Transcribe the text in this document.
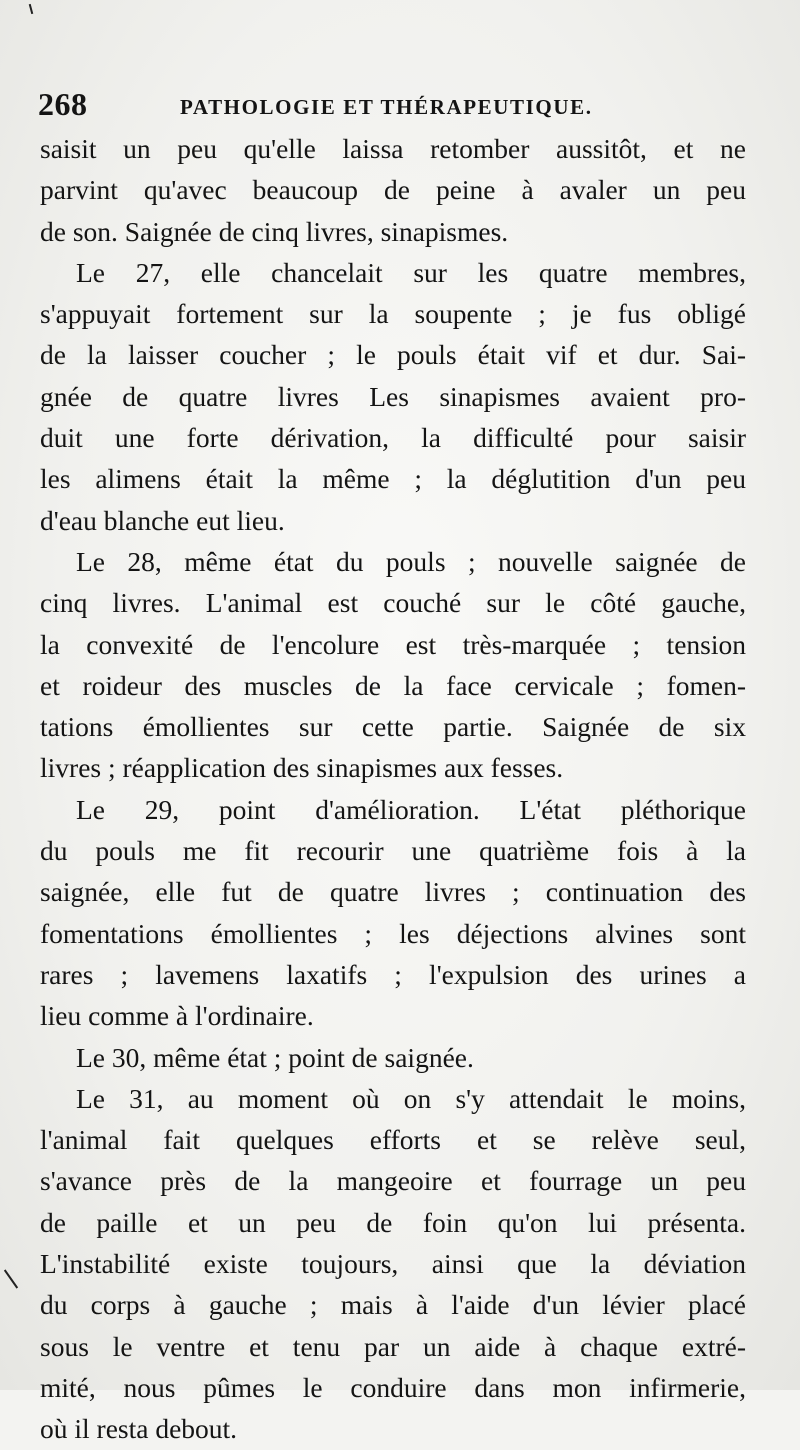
268	PATHOLOGIE ET THÉRAPEUTIQUE.
saisit un peu qu'elle laissa retomber aussitôt, et ne
parvint qu'avec beaucoup de peine à avaler un peu
de son. Saignée de cinq livres, sinapismes.
Le 27, elle chancelait sur les quatre membres,
s'appuyait fortement sur la soupente ; je fus obligé
de la laisser coucher ; le pouls était vif et dur. Sai-
gnée de quatre livres Les sinapismes avaient pro-
duit une forte dérivation, la difficulté pour saisir
les alimens était la même ; la déglutition d'un peu
d'eau blanche eut lieu.
Le 28, même état du pouls ; nouvelle saignée de
cinq livres. L'animal est couché sur le côté gauche,
la convexité de l'encolure est très-marquée ; tension
et roideur des muscles de la face cervicale ; fomen-
tations émollientes sur cette partie. Saignée de six
livres ; réapplication des sinapismes aux fesses.
Le 29, point d'amélioration. L'état pléthorique
du pouls me fit recourir une quatrième fois à la
saignée, elle fut de quatre livres ; continuation des
fomentations émollientes ; les déjections alvines sont
rares ; lavemens laxatifs ; l'expulsion des urines a
lieu comme à l'ordinaire.
Le 30, même état ; point de saignée.
Le 31, au moment où on s'y attendait le moins,
l'animal fait quelques efforts et se relève seul,
s'avance près de la mangeoire et fourrage un peu
de paille et un peu de foin qu'on lui présenta.
L'instabilité existe toujours, ainsi que la déviation
du corps à gauche ; mais à l'aide d'un lévier placé
sous le ventre et tenu par un aide à chaque extré-
mité, nous pûmes le conduire dans mon infirmerie,
où il resta debout.
